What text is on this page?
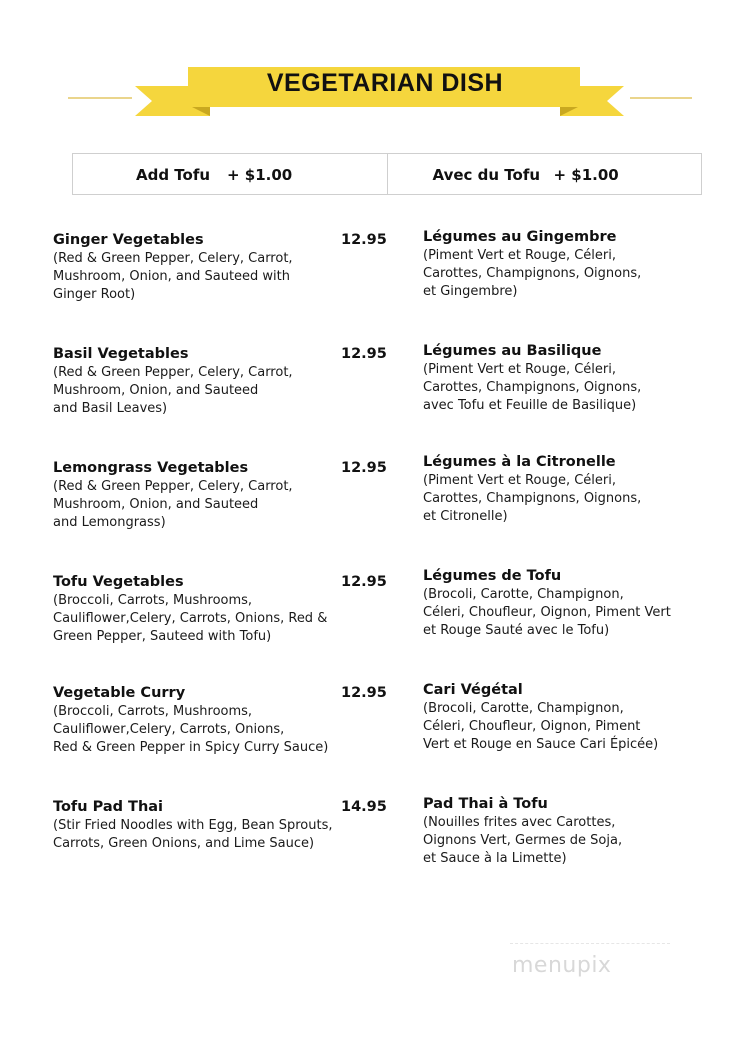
VEGETARIAN DISH
Add Tofu + $1.00	Avec du Tofu + $1.00
Ginger Vegetables
(Red & Green Pepper, Celery, Carrot,
Mushroom, Onion, and Sauteed with
Ginger Root)
12.95 Légumes au Gingembre
(Piment Vert et Rouge, Céleri,
Carottes, Champignons, Oignons,
et Gingembre)
Basil Vegetables
(Red & Green Pepper, Celery, Carrot,
Mushroom, Onion, and Sauteed
and Basil Leaves)
12.95 Légumes au Basilique
(Piment Vert et Rouge, Céleri,
Carottes, Champignons, Oignons,
avec Tofu et Feuille de Basilique)
Lemongrass Vegetables
(Red & Green Pepper, Celery, Carrot,
Mushroom, Onion, and Sauteed
and Lemongrass)
12.95 Légumes à la Citronelle
(Piment Vert et Rouge, Céleri,
Carottes, Champignons, Oignons,
et Citronelle)
Tofu Vegetables
(Broccoli, Carrots, Mushrooms,
Cauliflower,Celery, Carrots, Onions, Red &
Green Pepper, Sauteed with Tofu)
12.95 Légumes de Tofu
(Brocoli, Carotte, Champignon,
Céleri, Choufleur, Oignon, Piment Vert
et Rouge Sauté avec le Tofu)
Vegetable Curry
(Broccoli, Carrots, Mushrooms,
Cauliflower,Celery, Carrots, Onions,
Red & Green Pepper in Spicy Curry Sauce)
12.95 Cari Végétal
(Brocoli, Carotte, Champignon,
Céleri, Choufleur, Oignon, Piment
Vert et Rouge en Sauce Cari Épicée)
Tofu Pad Thai
(Stir Fried Noodles with Egg, Bean Sprouts,
Carrots, Green Onions, and Lime Sauce)
14.95 Pad Thai à Tofu
(Nouilles frites avec Carottes,
Oignons Vert, Germes de Soja,
et Sauce à la Limette)
menupix
